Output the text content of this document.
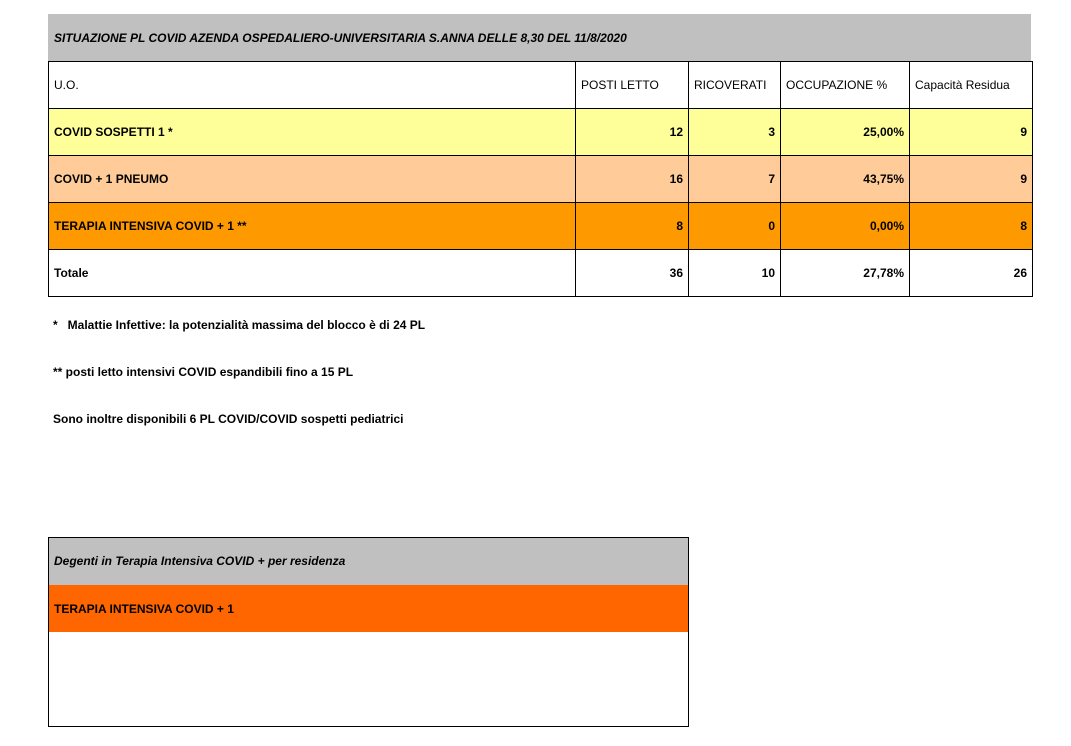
SITUAZIONE PL COVID AZENDA OSPEDALIERO-UNIVERSITARIA S.ANNA DELLE 8,30 DEL 11/8/2020
U.O.	POSTI LETTO	RICOVERATI	OCCUPAZIONE %	Capacità Residua
COVID SOSPETTI 1 *	12	3	25,00%	9
COVID + 1 PNEUMO	16	7	43,75%	9
TERAPIA INTENSIVA COVID + 1 **	8	0	0,00%	8
Totale	36	10	27,78%	26
*   Malattie Infettive: la potenzialità massima del blocco è di 24 PL
** posti letto intensivi COVID espandibili fino a 15 PL
Sono inoltre disponibili 6 PL COVID/COVID sospetti pediatrici
Degenti in Terapia Intensiva COVID + per residenza
TERAPIA INTENSIVA COVID + 1
